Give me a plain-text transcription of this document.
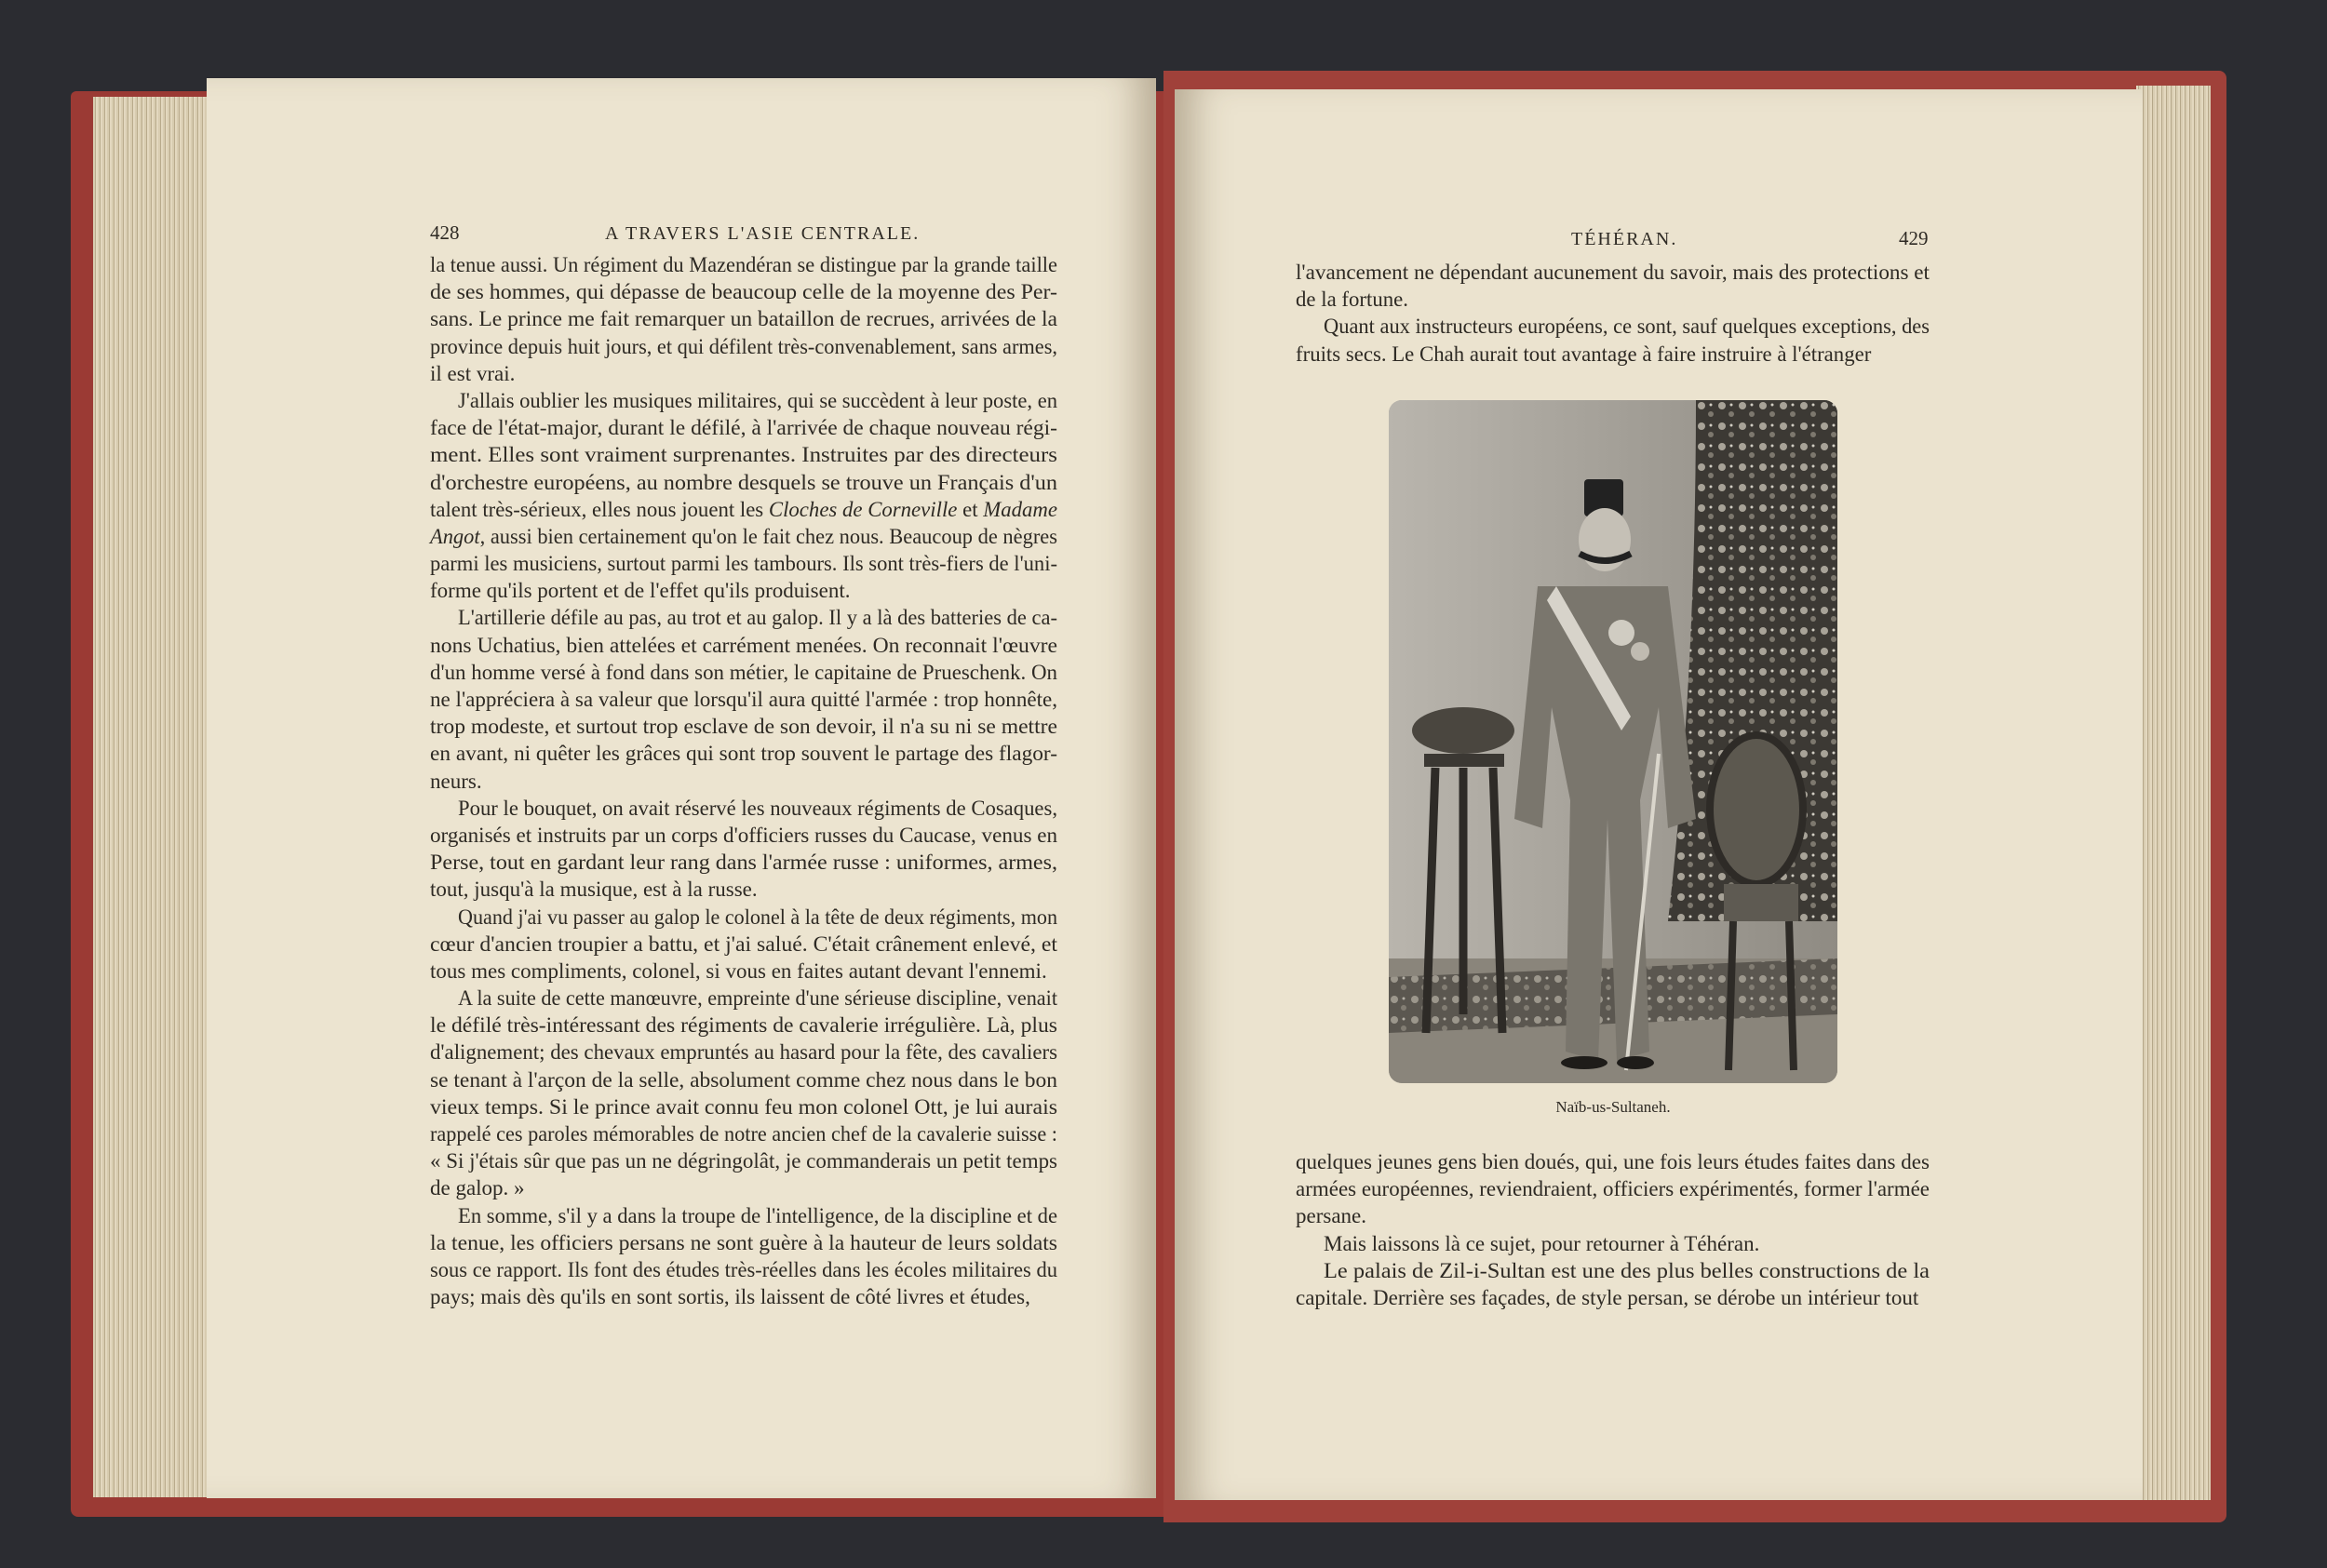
428	A TRAVERS L'ASIE CENTRALE.
la tenue aussi. Un régiment du Mazendéran se distingue par la grande taille
de ses hommes, qui dépasse de beaucoup celle de la moyenne des Per-
sans. Le prince me fait remarquer un bataillon de recrues, arrivées de la
province depuis huit jours, et qui défilent très-convenablement, sans armes,
il est vrai.
J'allais oublier les musiques militaires, qui se succèdent à leur poste, en
face de l'état-major, durant le défilé, à l'arrivée de chaque nouveau régi-
ment. Elles sont vraiment surprenantes. Instruites par des directeurs
d'orchestre européens, au nombre desquels se trouve un Français d'un
talent très-sérieux, elles nous jouent les Cloches de Corneville et Madame
Angot, aussi bien certainement qu'on le fait chez nous. Beaucoup de nègres
parmi les musiciens, surtout parmi les tambours. Ils sont très-fiers de l'uni-
forme qu'ils portent et de l'effet qu'ils produisent.
L'artillerie défile au pas, au trot et au galop. Il y a là des batteries de ca-
nons Uchatius, bien attelées et carrément menées. On reconnait l'œuvre
d'un homme versé à fond dans son métier, le capitaine de Prueschenk. On
ne l'appréciera à sa valeur que lorsqu'il aura quitté l'armée : trop honnête,
trop modeste, et surtout trop esclave de son devoir, il n'a su ni se mettre
en avant, ni quêter les grâces qui sont trop souvent le partage des flagor-
neurs.
Pour le bouquet, on avait réservé les nouveaux régiments de Cosaques,
organisés et instruits par un corps d'officiers russes du Caucase, venus en
Perse, tout en gardant leur rang dans l'armée russe : uniformes, armes,
tout, jusqu'à la musique, est à la russe.
Quand j'ai vu passer au galop le colonel à la tête de deux régiments, mon
cœur d'ancien troupier a battu, et j'ai salué. C'était crânement enlevé, et
tous mes compliments, colonel, si vous en faites autant devant l'ennemi.
A la suite de cette manœuvre, empreinte d'une sérieuse discipline, venait
le défilé très-intéressant des régiments de cavalerie irrégulière. Là, plus
d'alignement; des chevaux empruntés au hasard pour la fête, des cavaliers
se tenant à l'arçon de la selle, absolument comme chez nous dans le bon
vieux temps. Si le prince avait connu feu mon colonel Ott, je lui aurais
rappelé ces paroles mémorables de notre ancien chef de la cavalerie suisse :
« Si j'étais sûr que pas un ne dégringolât, je commanderais un petit temps
de galop. »
En somme, s'il y a dans la troupe de l'intelligence, de la discipline et de
la tenue, les officiers persans ne sont guère à la hauteur de leurs soldats
sous ce rapport. Ils font des études très-réelles dans les écoles militaires du
pays; mais dès qu'ils en sont sortis, ils laissent de côté livres et études,
TÉHÉRAN.	429
l'avancement ne dépendant aucunement du savoir, mais des protections et
de la fortune.
Quant aux instructeurs européens, ce sont, sauf quelques exceptions, des
fruits secs. Le Chah aurait tout avantage à faire instruire à l'étranger
Naïb-us-Sultaneh.
quelques jeunes gens bien doués, qui, une fois leurs études faites dans des
armées européennes, reviendraient, officiers expérimentés, former l'armée
persane.
Mais laissons là ce sujet, pour retourner à Téhéran.
Le palais de Zil-i-Sultan est une des plus belles constructions de la
capitale. Derrière ses façades, de style persan, se dérobe un intérieur tout
